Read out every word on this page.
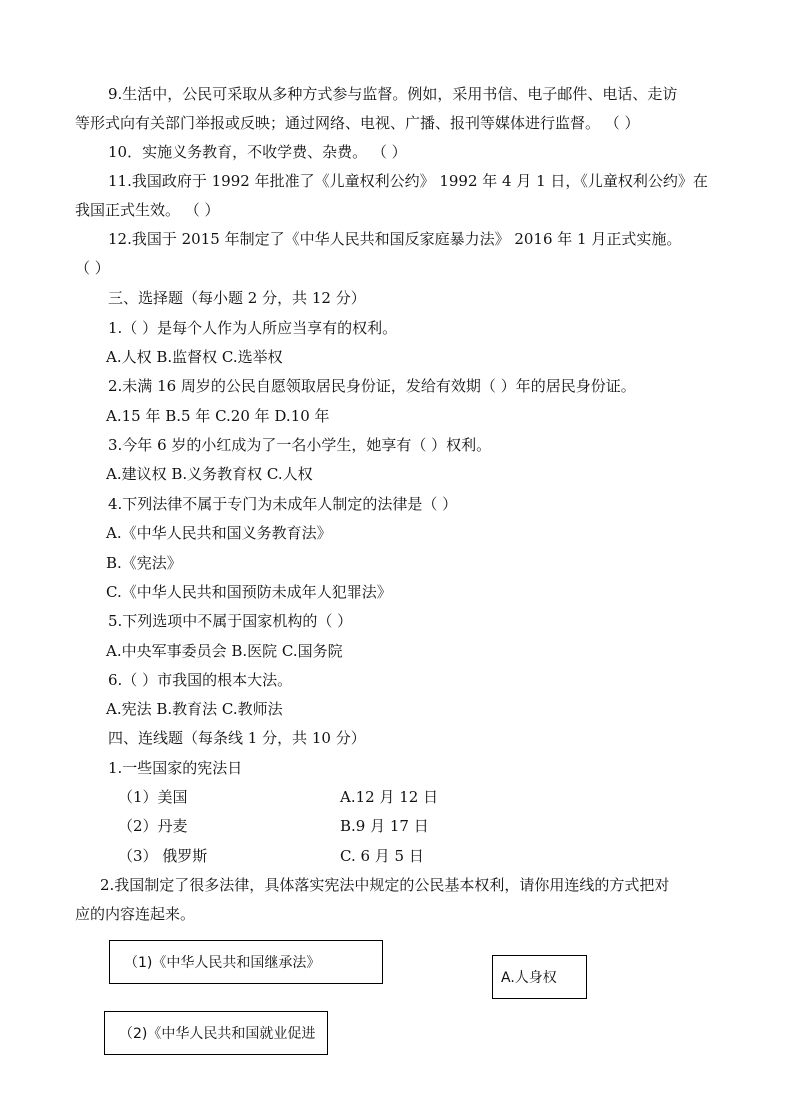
9.生活中，公民可采取从多种方式参与监督。例如，采用书信、电子邮件、电话、走访
等形式向有关部门举报或反映；通过网络、电视、广播、报刊等媒体进行监督。 （ ）
10．实施义务教育，不收学费、杂费。 （ ）
11.我国政府于 1992 年批准了《儿童权利公约》 1992 年 4 月 1 日，《儿童权利公约》在
我国正式生效。 （ ）
12.我国于 2015 年制定了《中华人民共和国反家庭暴力法》 2016 年 1 月正式实施。
（ ）
三、选择题（每小题 2 分，共 12 分）
1.（ ）是每个人作为人所应当享有的权利。
A.人权 B.监督权 C.选举权
2.未满 16 周岁的公民自愿领取居民身份证，发给有效期（ ）年的居民身份证。
A.15 年 B.5 年 C.20 年 D.10 年
3.今年 6 岁的小红成为了一名小学生，她享有（ ）权利。
A.建议权 B.义务教育权 C.人权
4.下列法律不属于专门为未成年人制定的法律是（ ）
A.《中华人民共和国义务教育法》
B.《宪法》
C.《中华人民共和国预防未成年人犯罪法》
5.下列选项中不属于国家机构的（ ）
A.中央军事委员会 B.医院 C.国务院
6.（ ）市我国的根本大法。
A.宪法 B.教育法 C.教师法
四、连线题（每条线 1 分，共 10 分）
1.一些国家的宪法日
（1）美国	A.12 月 12 日
（2）丹麦	B.9 月 17 日
（3） 俄罗斯	C. 6 月 5 日
2.我国制定了很多法律，具体落实宪法中规定的公民基本权利，请你用连线的方式把对
应的内容连起来。
（1)《中华人民共和国继承法》
A.人身权
（2)《中华人民共和国就业促进
